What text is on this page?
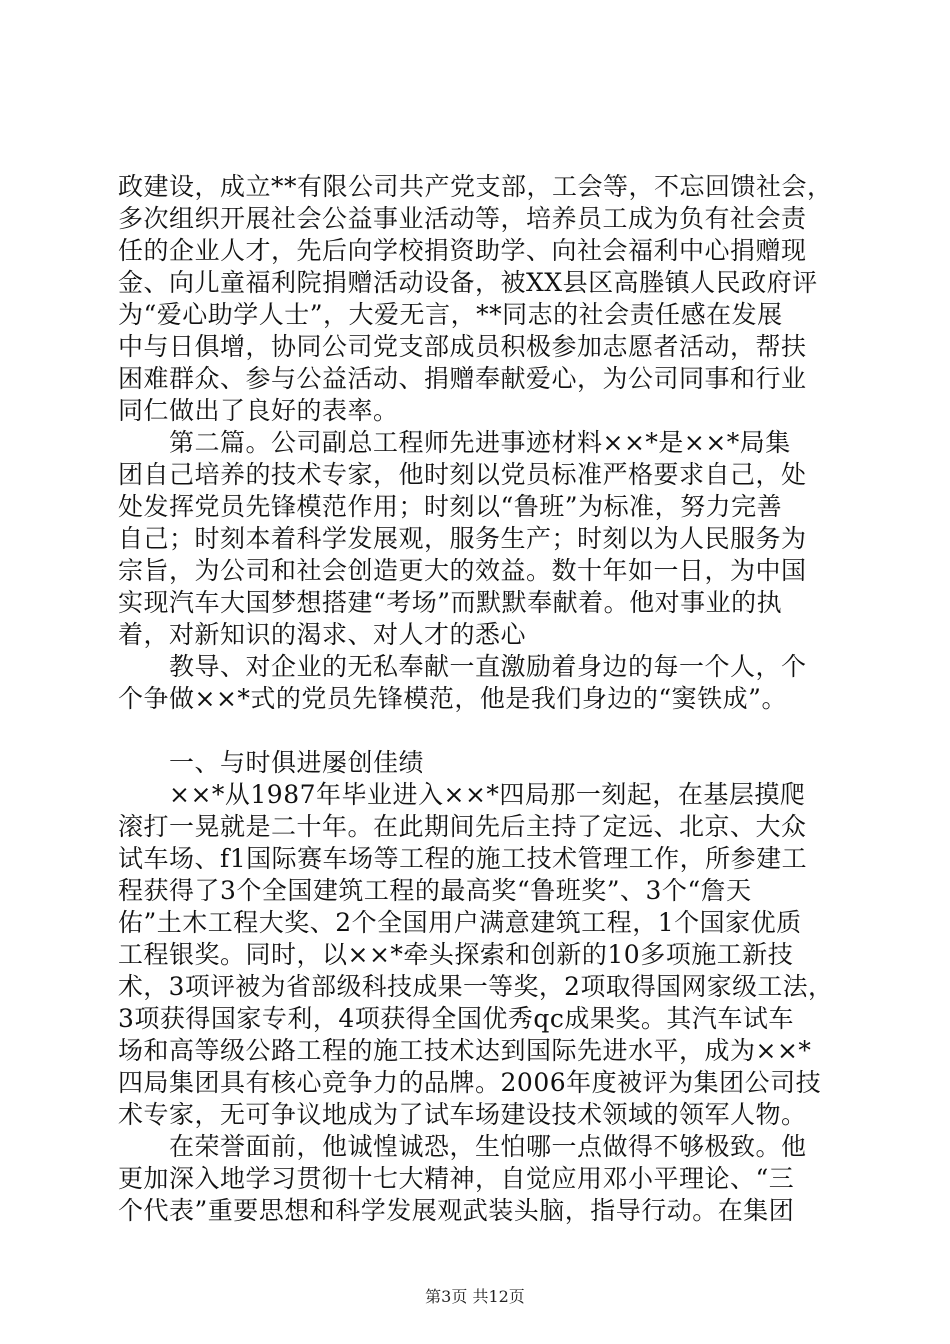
政建设，成立**有限公司共产党支部，工会等，不忘回馈社会，
多次组织开展社会公益事业活动等，培养员工成为负有社会责
任的企业人才，先后向学校捐资助学、向社会福利中心捐赠现
金、向儿童福利院捐赠活动设备，被XX县区高塍镇人民政府评
为“爱心助学人士”，大爱无言，**同志的社会责任感在发展
中与日俱增，协同公司党支部成员积极参加志愿者活动，帮扶
困难群众、参与公益活动、捐赠奉献爱心，为公司同事和行业
同仁做出了良好的表率。
　　第二篇。公司副总工程师先进事迹材料××*是××*局集
团自己培养的技术专家，他时刻以党员标准严格要求自己，处
处发挥党员先锋模范作用；时刻以“鲁班”为标准，努力完善
自己；时刻本着科学发展观，服务生产；时刻以为人民服务为
宗旨，为公司和社会创造更大的效益。数十年如一日，为中国
实现汽车大国梦想搭建“考场”而默默奉献着。他对事业的执
着，对新知识的渴求、对人才的悉心
　　教导、对企业的无私奉献一直激励着身边的每一个人，个
个争做××*式的党员先锋模范，他是我们身边的“窦铁成”。
　　一、与时俱进屡创佳绩
　　××*从1987年毕业进入××*四局那一刻起，在基层摸爬
滚打一晃就是二十年。在此期间先后主持了定远、北京、大众
试车场、f1国际赛车场等工程的施工技术管理工作，所参建工
程获得了3个全国建筑工程的最高奖“鲁班奖”、3个“詹天
佑”土木工程大奖、2个全国用户满意建筑工程，1个国家优质
工程银奖。同时，以××*牵头探索和创新的10多项施工新技
术，3项评被为省部级科技成果一等奖，2项取得国网家级工法，
3项获得国家专利，4项获得全国优秀qc成果奖。其汽车试车
场和高等级公路工程的施工技术达到国际先进水平，成为××*
四局集团具有核心竞争力的品牌。2006年度被评为集团公司技
术专家，无可争议地成为了试车场建设技术领域的领军人物。
　　在荣誉面前，他诚惶诚恐，生怕哪一点做得不够极致。他
更加深入地学习贯彻十七大精神，自觉应用邓小平理论、“三
个代表”重要思想和科学发展观武装头脑，指导行动。在集团
第3页 共12页
